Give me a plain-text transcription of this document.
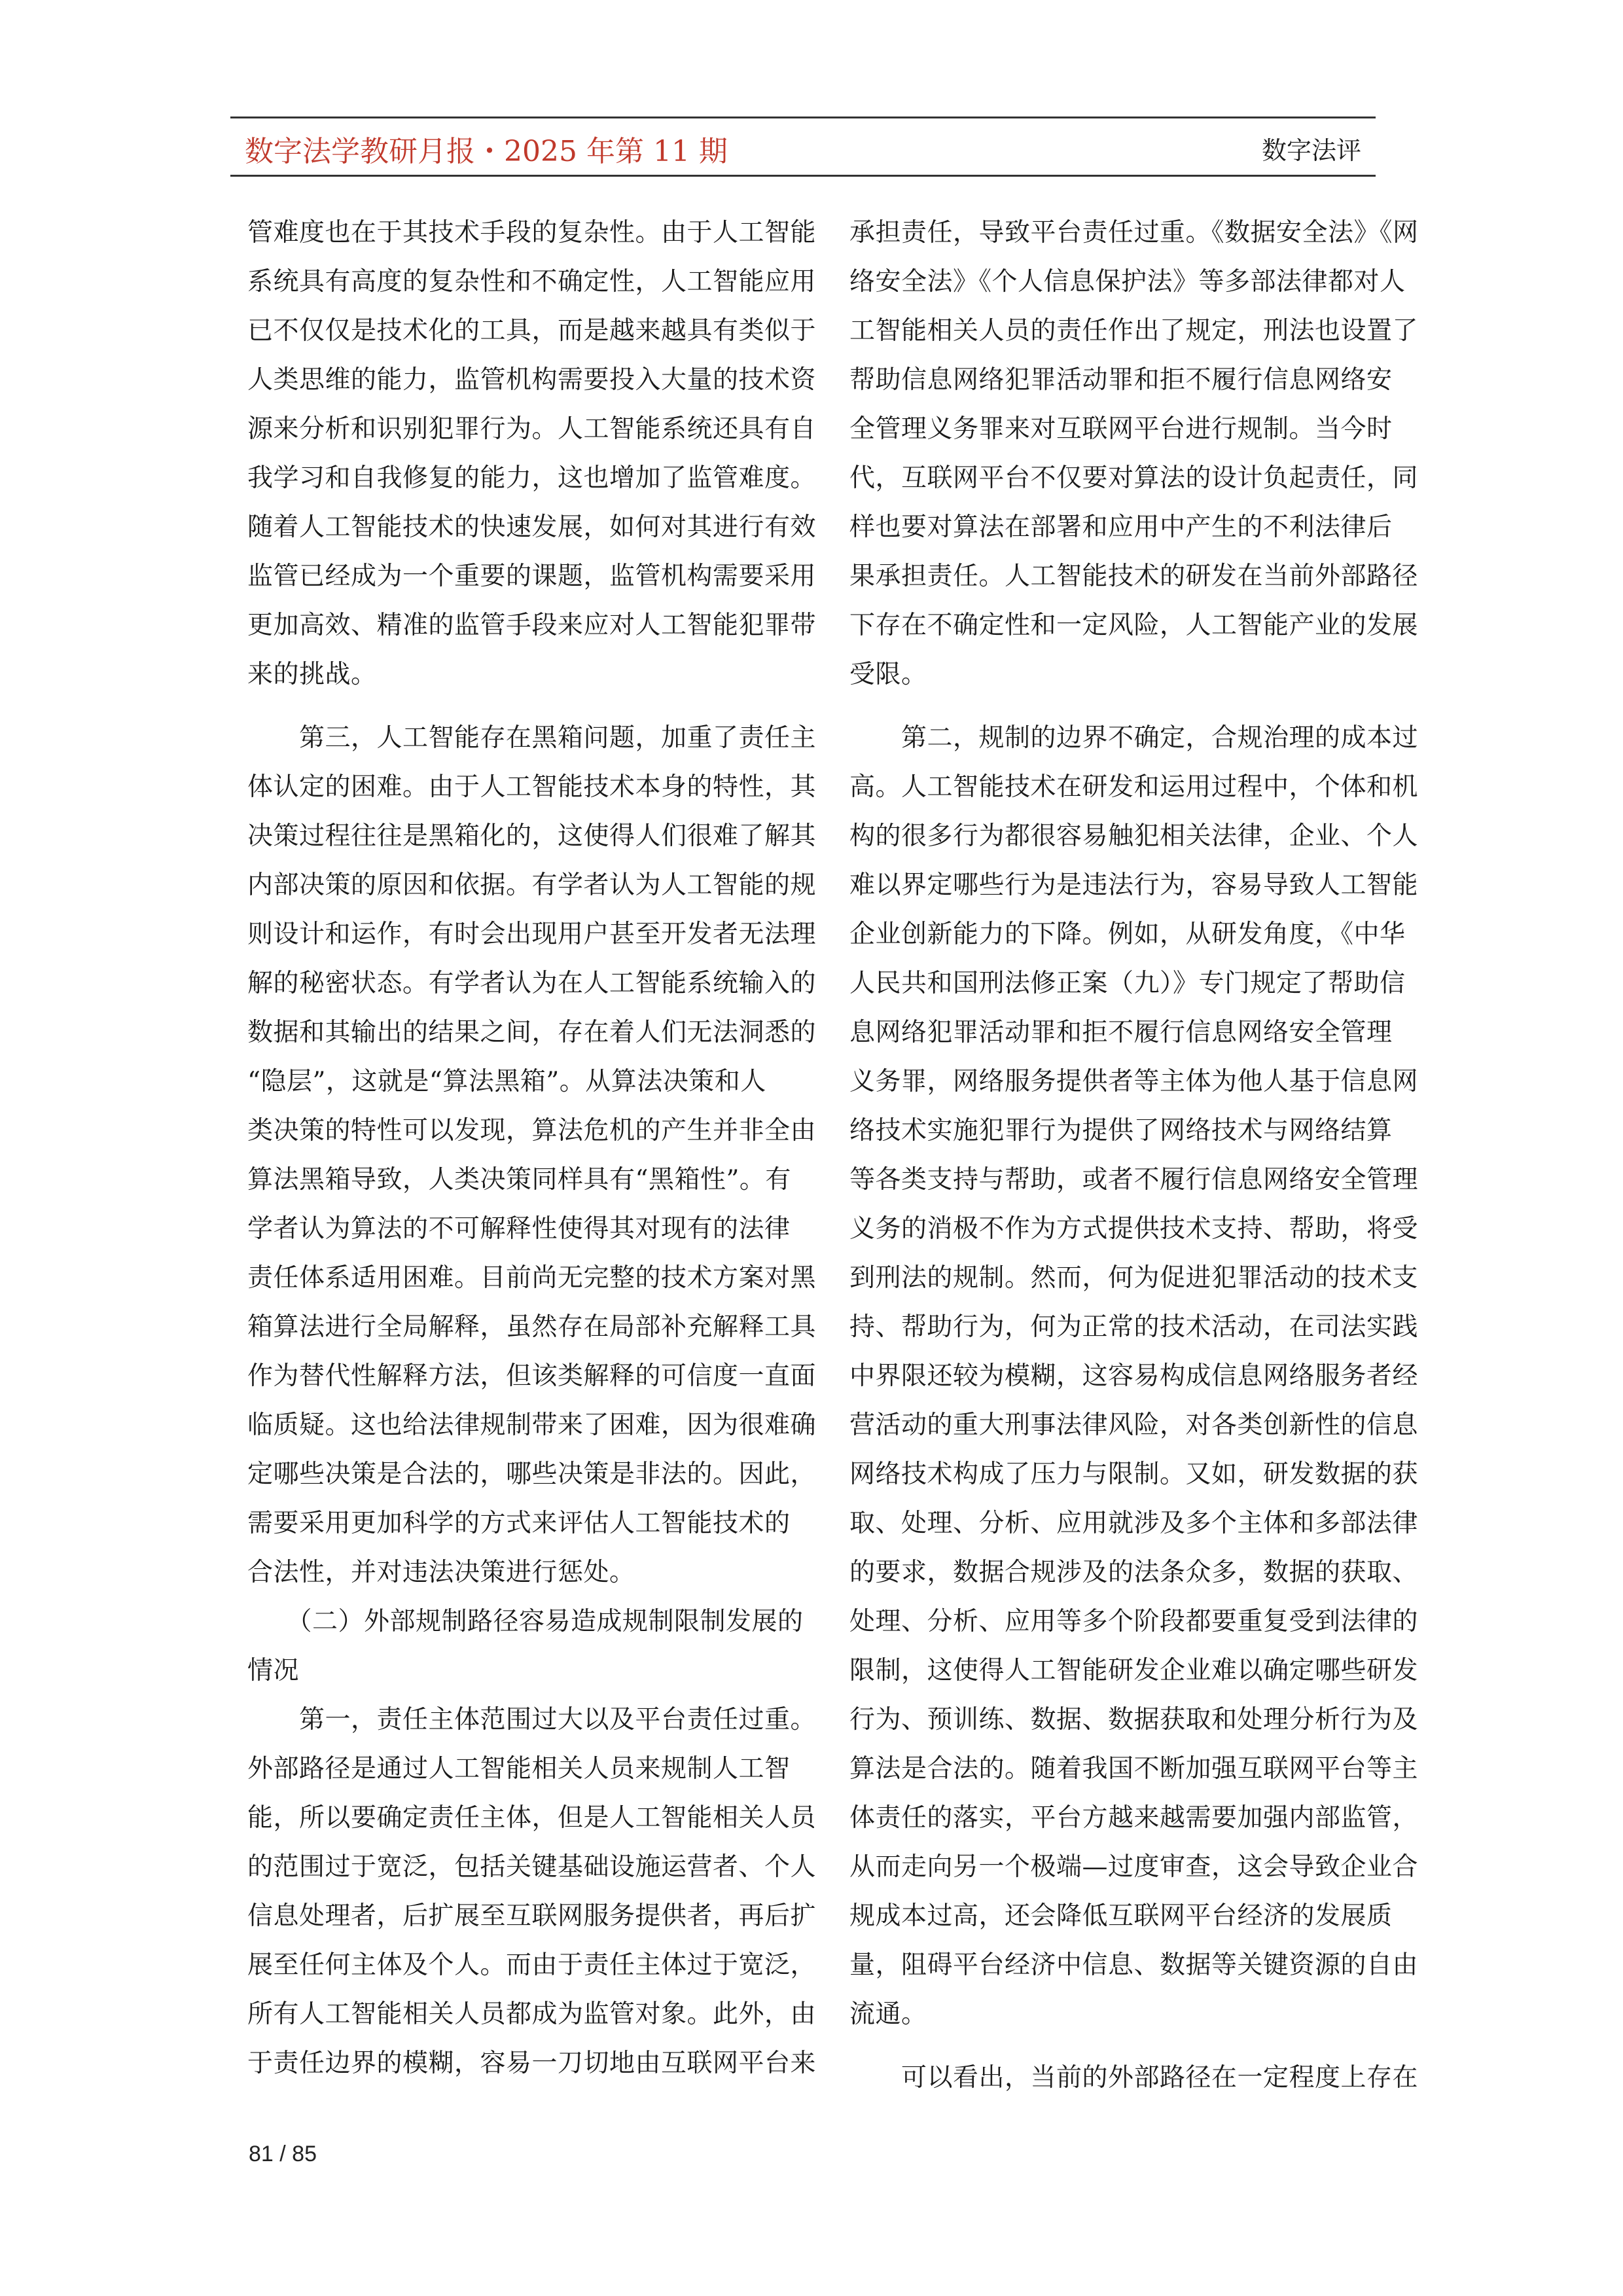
数字法学教研月报・2025 年第 11 期	数字法评
管难度也在于其技术手段的复杂性。由于人工智能
系统具有高度的复杂性和不确定性，人工智能应用
已不仅仅是技术化的工具，而是越来越具有类似于
人类思维的能力，监管机构需要投入大量的技术资
源来分析和识别犯罪行为。人工智能系统还具有自
我学习和自我修复的能力，这也增加了监管难度。
随着人工智能技术的快速发展，如何对其进行有效
监管已经成为一个重要的课题，监管机构需要采用
更加高效、精准的监管手段来应对人工智能犯罪带
来的挑战。
　　第三，人工智能存在黑箱问题，加重了责任主
体认定的困难。由于人工智能技术本身的特性，其
决策过程往往是黑箱化的，这使得人们很难了解其
内部决策的原因和依据。有学者认为人工智能的规
则设计和运作，有时会出现用户甚至开发者无法理
解的秘密状态。有学者认为在人工智能系统输入的
数据和其输出的结果之间，存在着人们无法洞悉的
“隐层”，这就是“算法黑箱”。从算法决策和人
类决策的特性可以发现，算法危机的产生并非全由
算法黑箱导致，人类决策同样具有“黑箱性”。有
学者认为算法的不可解释性使得其对现有的法律
责任体系适用困难。目前尚无完整的技术方案对黑
箱算法进行全局解释，虽然存在局部补充解释工具
作为替代性解释方法，但该类解释的可信度一直面
临质疑。这也给法律规制带来了困难，因为很难确
定哪些决策是合法的，哪些决策是非法的。因此，
需要采用更加科学的方式来评估人工智能技术的
合法性，并对违法决策进行惩处。
　　（二）外部规制路径容易造成规制限制发展的
情况
　　第一，责任主体范围过大以及平台责任过重。
外部路径是通过人工智能相关人员来规制人工智
能，所以要确定责任主体，但是人工智能相关人员
的范围过于宽泛，包括关键基础设施运营者、个人
信息处理者，后扩展至互联网服务提供者，再后扩
展至任何主体及个人。而由于责任主体过于宽泛，
所有人工智能相关人员都成为监管对象。此外，由
于责任边界的模糊，容易一刀切地由互联网平台来
承担责任，导致平台责任过重。《数据安全法》《网
络安全法》《个人信息保护法》等多部法律都对人
工智能相关人员的责任作出了规定，刑法也设置了
帮助信息网络犯罪活动罪和拒不履行信息网络安
全管理义务罪来对互联网平台进行规制。当今时
代，互联网平台不仅要对算法的设计负起责任，同
样也要对算法在部署和应用中产生的不利法律后
果承担责任。人工智能技术的研发在当前外部路径
下存在不确定性和一定风险，人工智能产业的发展
受限。
　　第二，规制的边界不确定，合规治理的成本过
高。人工智能技术在研发和运用过程中，个体和机
构的很多行为都很容易触犯相关法律，企业、个人
难以界定哪些行为是违法行为，容易导致人工智能
企业创新能力的下降。例如，从研发角度，《中华
人民共和国刑法修正案（九）》专门规定了帮助信
息网络犯罪活动罪和拒不履行信息网络安全管理
义务罪，网络服务提供者等主体为他人基于信息网
络技术实施犯罪行为提供了网络技术与网络结算
等各类支持与帮助，或者不履行信息网络安全管理
义务的消极不作为方式提供技术支持、帮助，将受
到刑法的规制。然而，何为促进犯罪活动的技术支
持、帮助行为，何为正常的技术活动，在司法实践
中界限还较为模糊，这容易构成信息网络服务者经
营活动的重大刑事法律风险，对各类创新性的信息
网络技术构成了压力与限制。又如，研发数据的获
取、处理、分析、应用就涉及多个主体和多部法律
的要求，数据合规涉及的法条众多，数据的获取、
处理、分析、应用等多个阶段都要重复受到法律的
限制，这使得人工智能研发企业难以确定哪些研发
行为、预训练、数据、数据获取和处理分析行为及
算法是合法的。随着我国不断加强互联网平台等主
体责任的落实，平台方越来越需要加强内部监管，
从而走向另一个极端—过度审查，这会导致企业合
规成本过高，还会降低互联网平台经济的发展质
量，阻碍平台经济中信息、数据等关键资源的自由
流通。
　　可以看出，当前的外部路径在一定程度上存在
81 / 85
